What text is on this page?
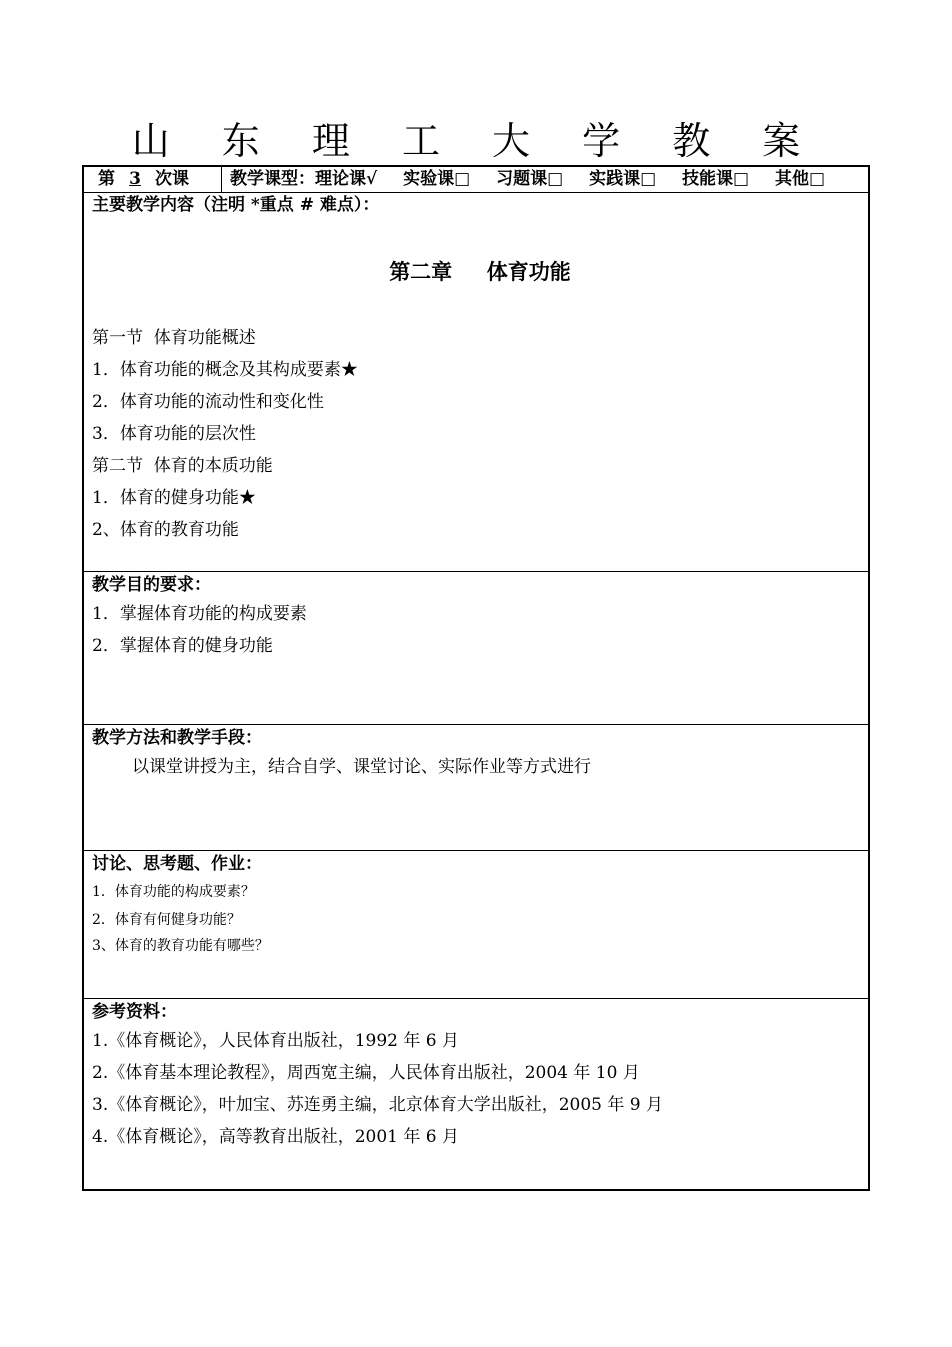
山 东 理 工 大 学 教 案
第 3 次课	教学课型：理论课√ 实验课□ 习题课□ 实践课□ 技能课□ 其他□
主要教学内容（注明 *重点 # 难点）：
第二章  体育功能
第一节  体育功能概述
1．体育功能的概念及其构成要素★
2．体育功能的流动性和变化性
3．体育功能的层次性
第二节  体育的本质功能
1．体育的健身功能★
2、体育的教育功能
教学目的要求：
1．掌握体育功能的构成要素
2．掌握体育的健身功能
教学方法和教学手段：
以课堂讲授为主，结合自学、课堂讨论、实际作业等方式进行
讨论、思考题、作业：
1．体育功能的构成要素？
2．体育有何健身功能？
3、体育的教育功能有哪些？
参考资料：
1.《体育概论》，人民体育出版社，1992 年 6 月
2.《体育基本理论教程》，周西宽主编，人民体育出版社，2004 年 10 月
3.《体育概论》，叶加宝、苏连勇主编，北京体育大学出版社，2005 年 9 月
4.《体育概论》，高等教育出版社，2001 年 6 月
